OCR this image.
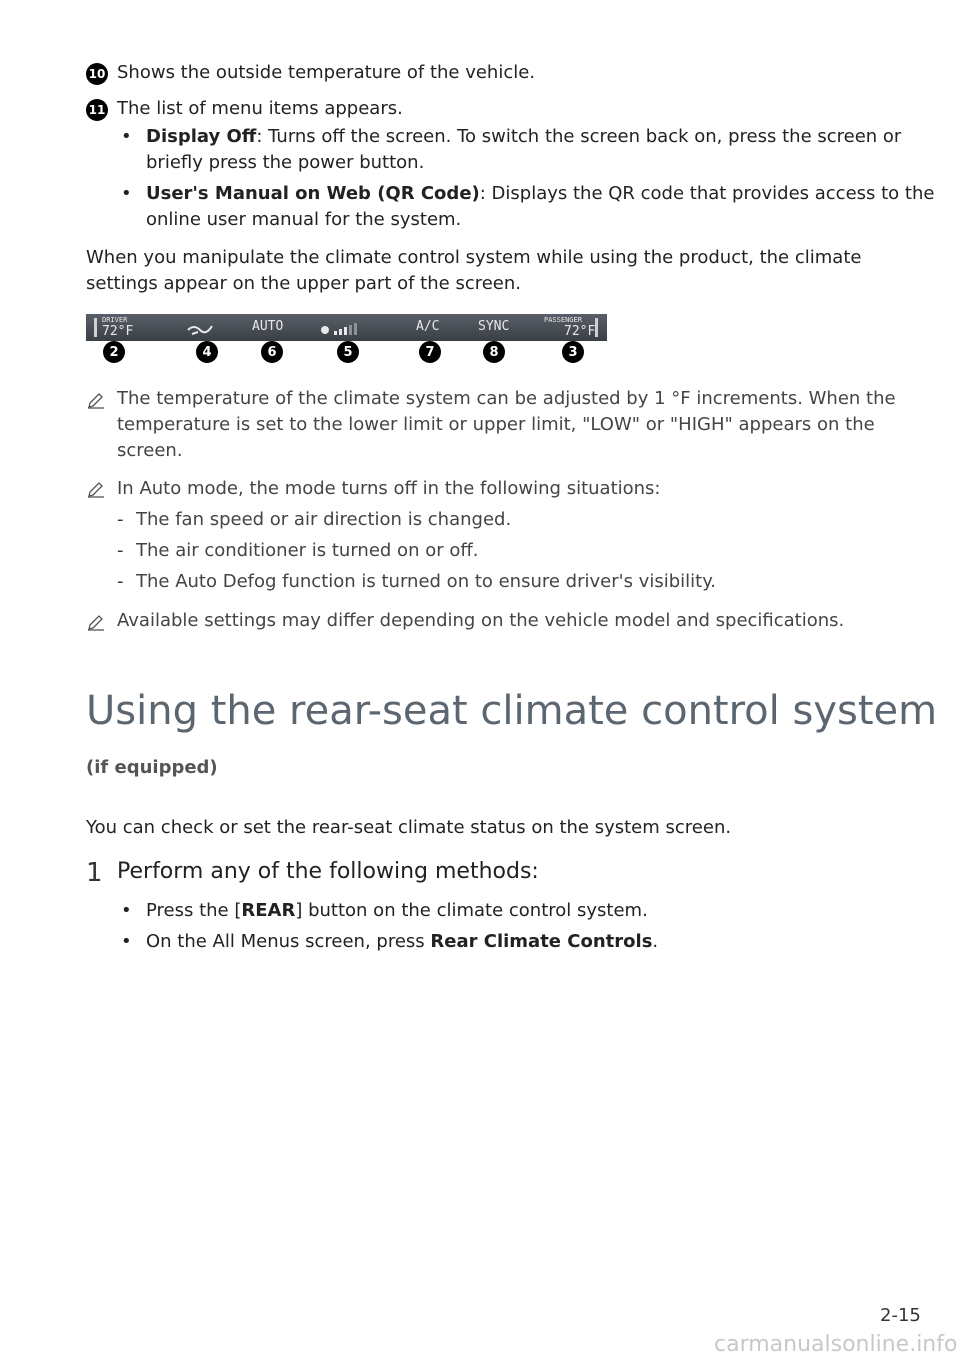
10 Shows the outside temperature of the vehicle.
11 The list of menu items appears.
• Display Off: Turns off the screen. To switch the screen back on, press the screen or
briefly press the power button.
• User's Manual on Web (QR Code): Displays the QR code that provides access to the
online user manual for the system.
When you manipulate the climate control system while using the product, the climate
settings appear on the upper part of the screen.
DRIVER
72°F	AUTO	A/C	SYNC	PASSENGER
72°F
2	4	6	5	7	8	3
The temperature of the climate system can be adjusted by 1 °F increments. When the
temperature is set to the lower limit or upper limit, "LOW" or "HIGH" appears on the
screen.
In Auto mode, the mode turns off in the following situations:
- The fan speed or air direction is changed.
- The air conditioner is turned on or off.
- The Auto Defog function is turned on to ensure driver's visibility.
Available settings may differ depending on the vehicle model and specifications.
Using the rear-seat climate control system
(if equipped)
You can check or set the rear-seat climate status on the system screen.
1 Perform any of the following methods:
• Press the [REAR] button on the climate control system.
• On the All Menus screen, press Rear Climate Controls.
2-15
carmanualsonline.info
